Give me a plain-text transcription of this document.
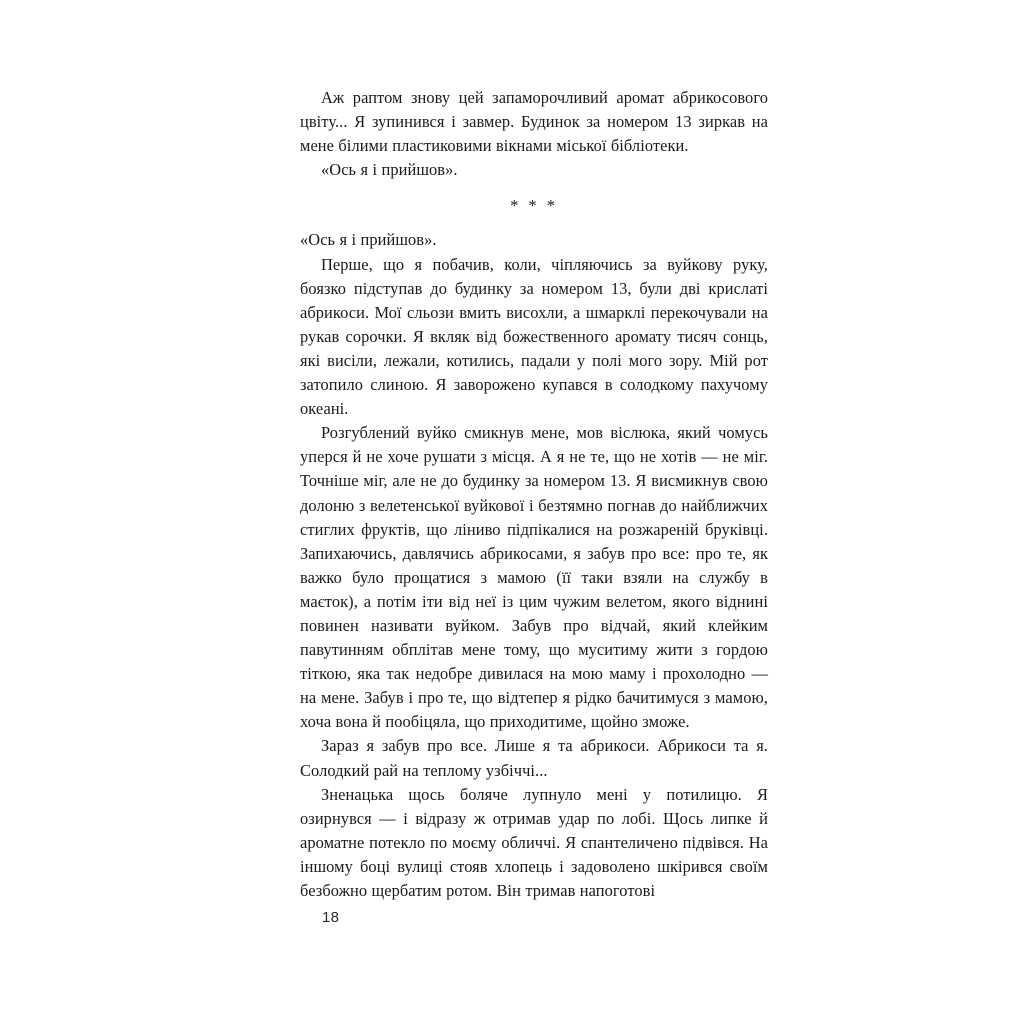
Аж раптом знову цей запаморочливий аромат абрикосового цвіту... Я зупинився і завмер. Будинок за номером 13 зиркав на мене білими пластиковими вікнами міської бібліотеки.

«Ось я і прийшов».

* * *

«Ось я і прийшов».

Перше, що я побачив, коли, чіпляючись за вуйкову руку, боязко підступав до будинку за номером 13, були дві крислаті абрикоси. Мої сльози вмить висохли, а шмарклі перекочували на рукав сорочки. Я вкляк від божественного аромату тисяч сонць, які висіли, лежали, котились, падали у полі мого зору. Мій рот затопило слиною. Я заворожено купався в солодкому пахучому океані.

Розгублений вуйко смикнув мене, мов віслюка, який чомусь уперся й не хоче рушати з місця. А я не те, що не хотів — не міг. Точніше міг, але не до будинку за номером 13. Я висмикнув свою долоню з велетенської вуйкової і безтямно погнав до найближчих стиглих фруктів, що ліниво підпікалися на розжареній бруківці. Запихаючись, давлячись абрикосами, я забув про все: про те, як важко було прощатися з мамою (її таки взяли на службу в маєток), а потім іти від неї із цим чужим велетом, якого віднині повинен називати вуйком. Забув про відчай, який клейким павутинням обплітав мене тому, що муситиму жити з гордою тіткою, яка так недобре дивилася на мою маму і прохолодно — на мене. Забув і про те, що відтепер я рідко бачитимуся з мамою, хоча вона й пообіцяла, що приходитиме, щойно зможе.

Зараз я забув про все. Лише я та абрикоси. Абрикоси та я. Солодкий рай на теплому узбіччі...

Зненацька щось боляче лупнуло мені у потилицю. Я озирнувся — і відразу ж отримав удар по лобі. Щось липке й ароматне потекло по моєму обличчі. Я спантеличено підвівся. На іншому боці вулиці стояв хлопець і задоволено шкірився своїм безбожно щербатим ротом. Він тримав напоготові

18
